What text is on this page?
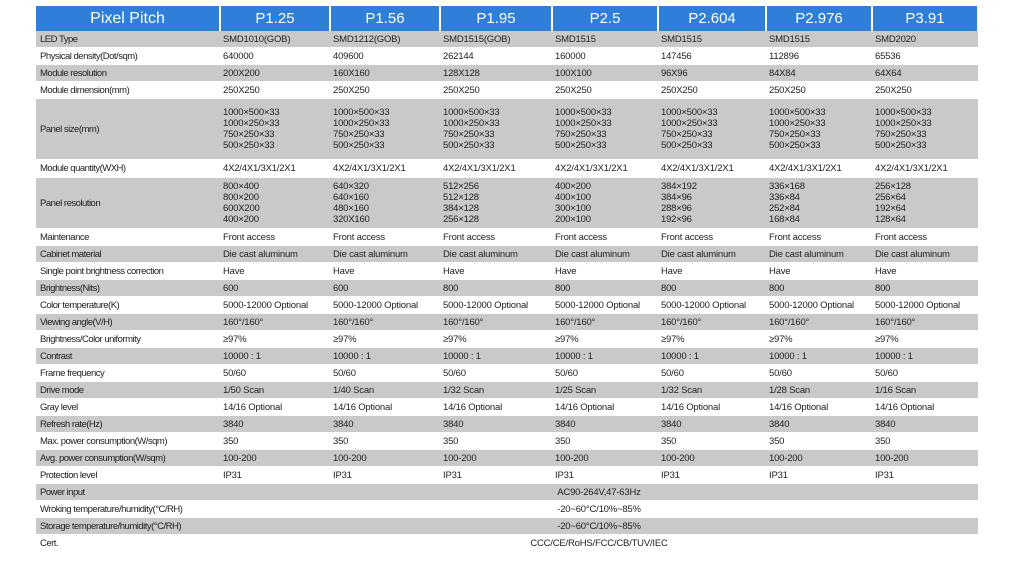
Pixel Pitch	P1.25	P1.56	P1.95	P2.5	P2.604	P2.976	P3.91
LED Type	SMD1010(GOB)	SMD1212(GOB)	SMD1515(GOB)	SMD1515	SMD1515	SMD1515	SMD2020
Physical density(Dot/sqm)	640000	409600	262144	160000	147456	112896	65536
Module resolution	200X200	160X160	128X128	100X100	96X96	84X84	64X64
Module dimension(mm)	250X250	250X250	250X250	250X250	250X250	250X250	250X250
Panel size(mm)	1000×500×33
1000×250×33
750×250×33
500×250×33	1000×500×33
1000×250×33
750×250×33
500×250×33	1000×500×33
1000×250×33
750×250×33
500×250×33	1000×500×33
1000×250×33
750×250×33
500×250×33	1000×500×33
1000×250×33
750×250×33
500×250×33	1000×500×33
1000×250×33
750×250×33
500×250×33	1000×500×33
1000×250×33
750×250×33
500×250×33
Module quantity(WXH)	4X2/4X1/3X1/2X1	4X2/4X1/3X1/2X1	4X2/4X1/3X1/2X1	4X2/4X1/3X1/2X1	4X2/4X1/3X1/2X1	4X2/4X1/3X1/2X1	4X2/4X1/3X1/2X1
Panel resolution	800×400
800×200
600X200
400×200	640×320
640×160
480×160
320X160	512×256
512×128
384×128
256×128	400×200
400×100
300×100
200×100	384×192
384×96
288×96
192×96	336×168
336×84
252×84
168×84	256×128
256×64
192×64
128×64
Maintenance	Front access	Front access	Front access	Front access	Front access	Front access	Front access
Cabinet material	Die cast aluminum	Die cast aluminum	Die cast aluminum	Die cast aluminum	Die cast aluminum	Die cast aluminum	Die cast aluminum
Single point brightness correction	Have	Have	Have	Have	Have	Have	Have
Brightness(Nits)	600	600	800	800	800	800	800
Color temperature(K)	5000-12000 Optional	5000-12000 Optional	5000-12000 Optional	5000-12000 Optional	5000-12000 Optional	5000-12000 Optional	5000-12000 Optional
Viewing angle(V/H)	160°/160°	160°/160°	160°/160°	160°/160°	160°/160°	160°/160°	160°/160°
Brightness/Color uniformity	≥97%	≥97%	≥97%	≥97%	≥97%	≥97%	≥97%
Contrast	10000 : 1	10000 : 1	10000 : 1	10000 : 1	10000 : 1	10000 : 1	10000 : 1
Frame frequency	50/60	50/60	50/60	50/60	50/60	50/60	50/60
Drive mode	1/50 Scan	1/40 Scan	1/32 Scan	1/25 Scan	1/32 Scan	1/28 Scan	1/16 Scan
Gray level	14/16 Optional	14/16 Optional	14/16 Optional	14/16 Optional	14/16 Optional	14/16 Optional	14/16 Optional
Refresh rate(Hz)	3840	3840	3840	3840	3840	3840	3840
Max. power consumption(W/sqm)	350	350	350	350	350	350	350
Avg. power consumption(W/sqm)	100-200	100-200	100-200	100-200	100-200	100-200	100-200
Protection level	IP31	IP31	IP31	IP31	IP31	IP31	IP31
Power input	AC90-264V,47-63Hz						
Wroking temperature/humidity(°C/RH)	-20~60°C/10%~85%						
Storage temperature/humidity(°C/RH)	-20~60°C/10%~85%						
Cert.	CCC/CE/RoHS/FCC/CB/TUV/IEC						
